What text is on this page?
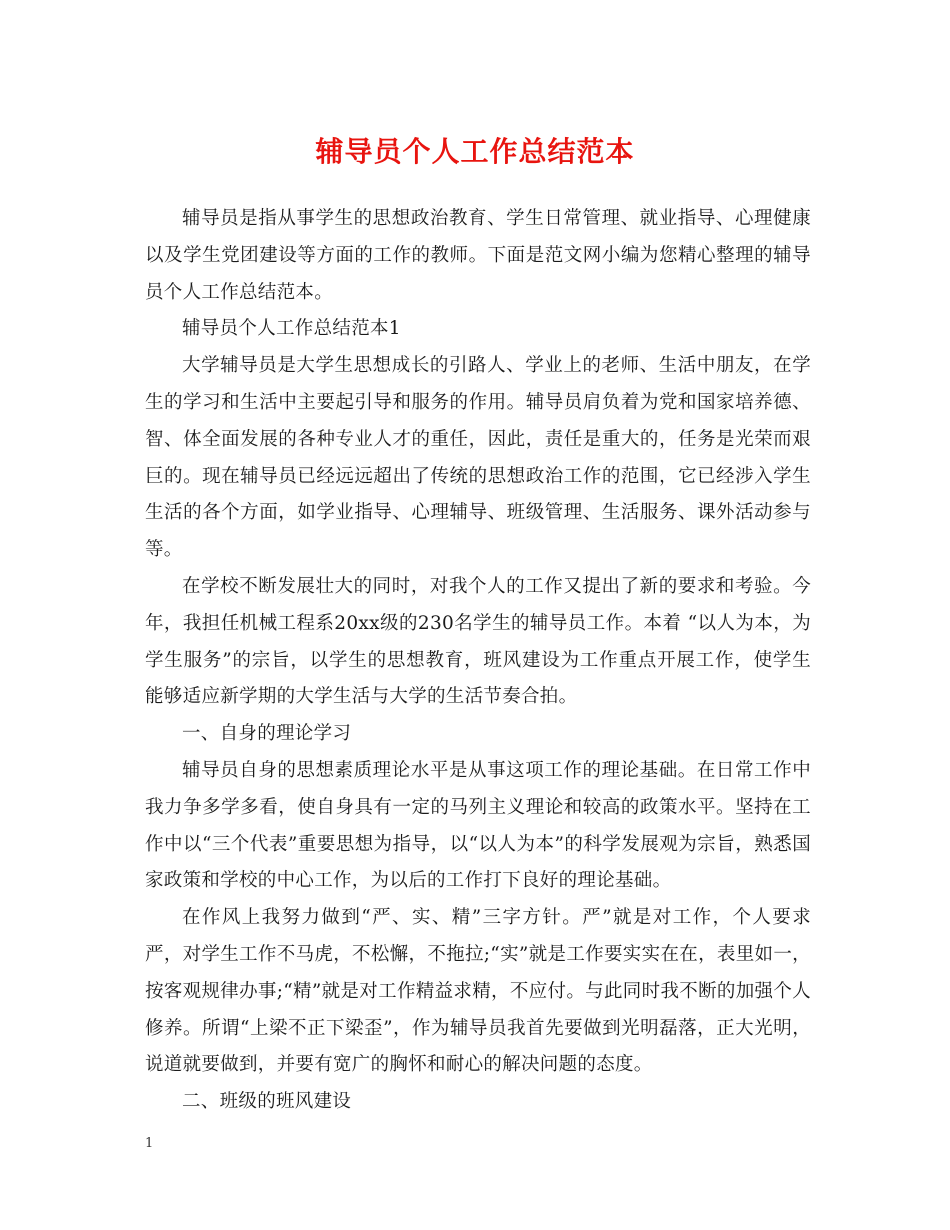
辅导员个人工作总结范本

辅导员是指从事学生的思想政治教育、学生日常管理、就业指导、心理健康以及学生党团建设等方面的工作的教师。下面是范文网小编为您精心整理的辅导员个人工作总结范本。

辅导员个人工作总结范本1

大学辅导员是大学生思想成长的引路人、学业上的老师、生活中朋友，在学生的学习和生活中主要起引导和服务的作用。辅导员肩负着为党和国家培养德、智、体全面发展的各种专业人才的重任，因此，责任是重大的，任务是光荣而艰巨的。现在辅导员已经远远超出了传统的思想政治工作的范围，它已经涉入学生生活的各个方面，如学业指导、心理辅导、班级管理、生活服务、课外活动参与等。

在学校不断发展壮大的同时，对我个人的工作又提出了新的要求和考验。今年，我担任机械工程系20xx级的230名学生的辅导员工作。本着 “以人为本，为学生服务”的宗旨，以学生的思想教育，班风建设为工作重点开展工作，使学生能够适应新学期的大学生活与大学的生活节奏合拍。

一、自身的理论学习

辅导员自身的思想素质理论水平是从事这项工作的理论基础。在日常工作中我力争多学多看，使自身具有一定的马列主义理论和较高的政策水平。坚持在工作中以“三个代表”重要思想为指导，以“以人为本”的科学发展观为宗旨，熟悉国家政策和学校的中心工作，为以后的工作打下良好的理论基础。

在作风上我努力做到“严、实、精”三字方针。严”就是对工作，个人要求严，对学生工作不马虎，不松懈，不拖拉;“实”就是工作要实实在在，表里如一，按客观规律办事;“精”就是对工作精益求精，不应付。与此同时我不断的加强个人修养。所谓“上梁不正下梁歪”，作为辅导员我首先要做到光明磊落，正大光明，说道就要做到，并要有宽广的胸怀和耐心的解决问题的态度。

二、班级的班风建设

1
